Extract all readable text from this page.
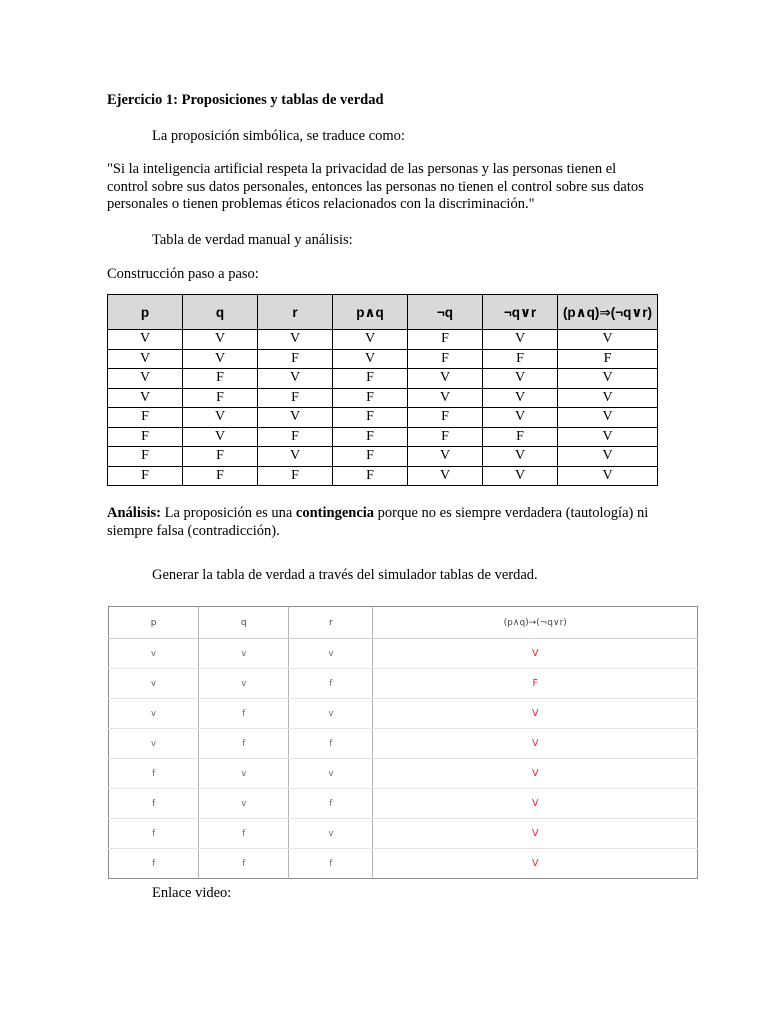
Ejercicio 1: Proposiciones y tablas de verdad
La proposición simbólica, se traduce como:
"Si la inteligencia artificial respeta la privacidad de las personas y las personas tienen el control sobre sus datos personales, entonces las personas no tienen el control sobre sus datos personales o tienen problemas éticos relacionados con la discriminación."
Tabla de verdad manual y análisis:
Construcción paso a paso:
p	q	r	p∧q	¬q	¬q∨r	(p∧q)⇒(¬q∨r)
V	V	V	V	F	V	V
V	V	F	V	F	F	F
V	F	V	F	V	V	V
V	F	F	F	V	V	V
F	V	V	F	F	V	V
F	V	F	F	F	F	V
F	F	V	F	V	V	V
F	F	F	F	V	V	V
Análisis: La proposición es una contingencia porque no es siempre verdadera (tautología) ni siempre falsa (contradicción).
Generar la tabla de verdad a través del simulador tablas de verdad.
p	q	r	(p∧q)→(¬q∨r)
v	v	v	V
v	v	f	F
v	f	v	V
v	f	f	V
f	v	v	V
f	v	f	V
f	f	v	V
f	f	f	V
Enlace video:
